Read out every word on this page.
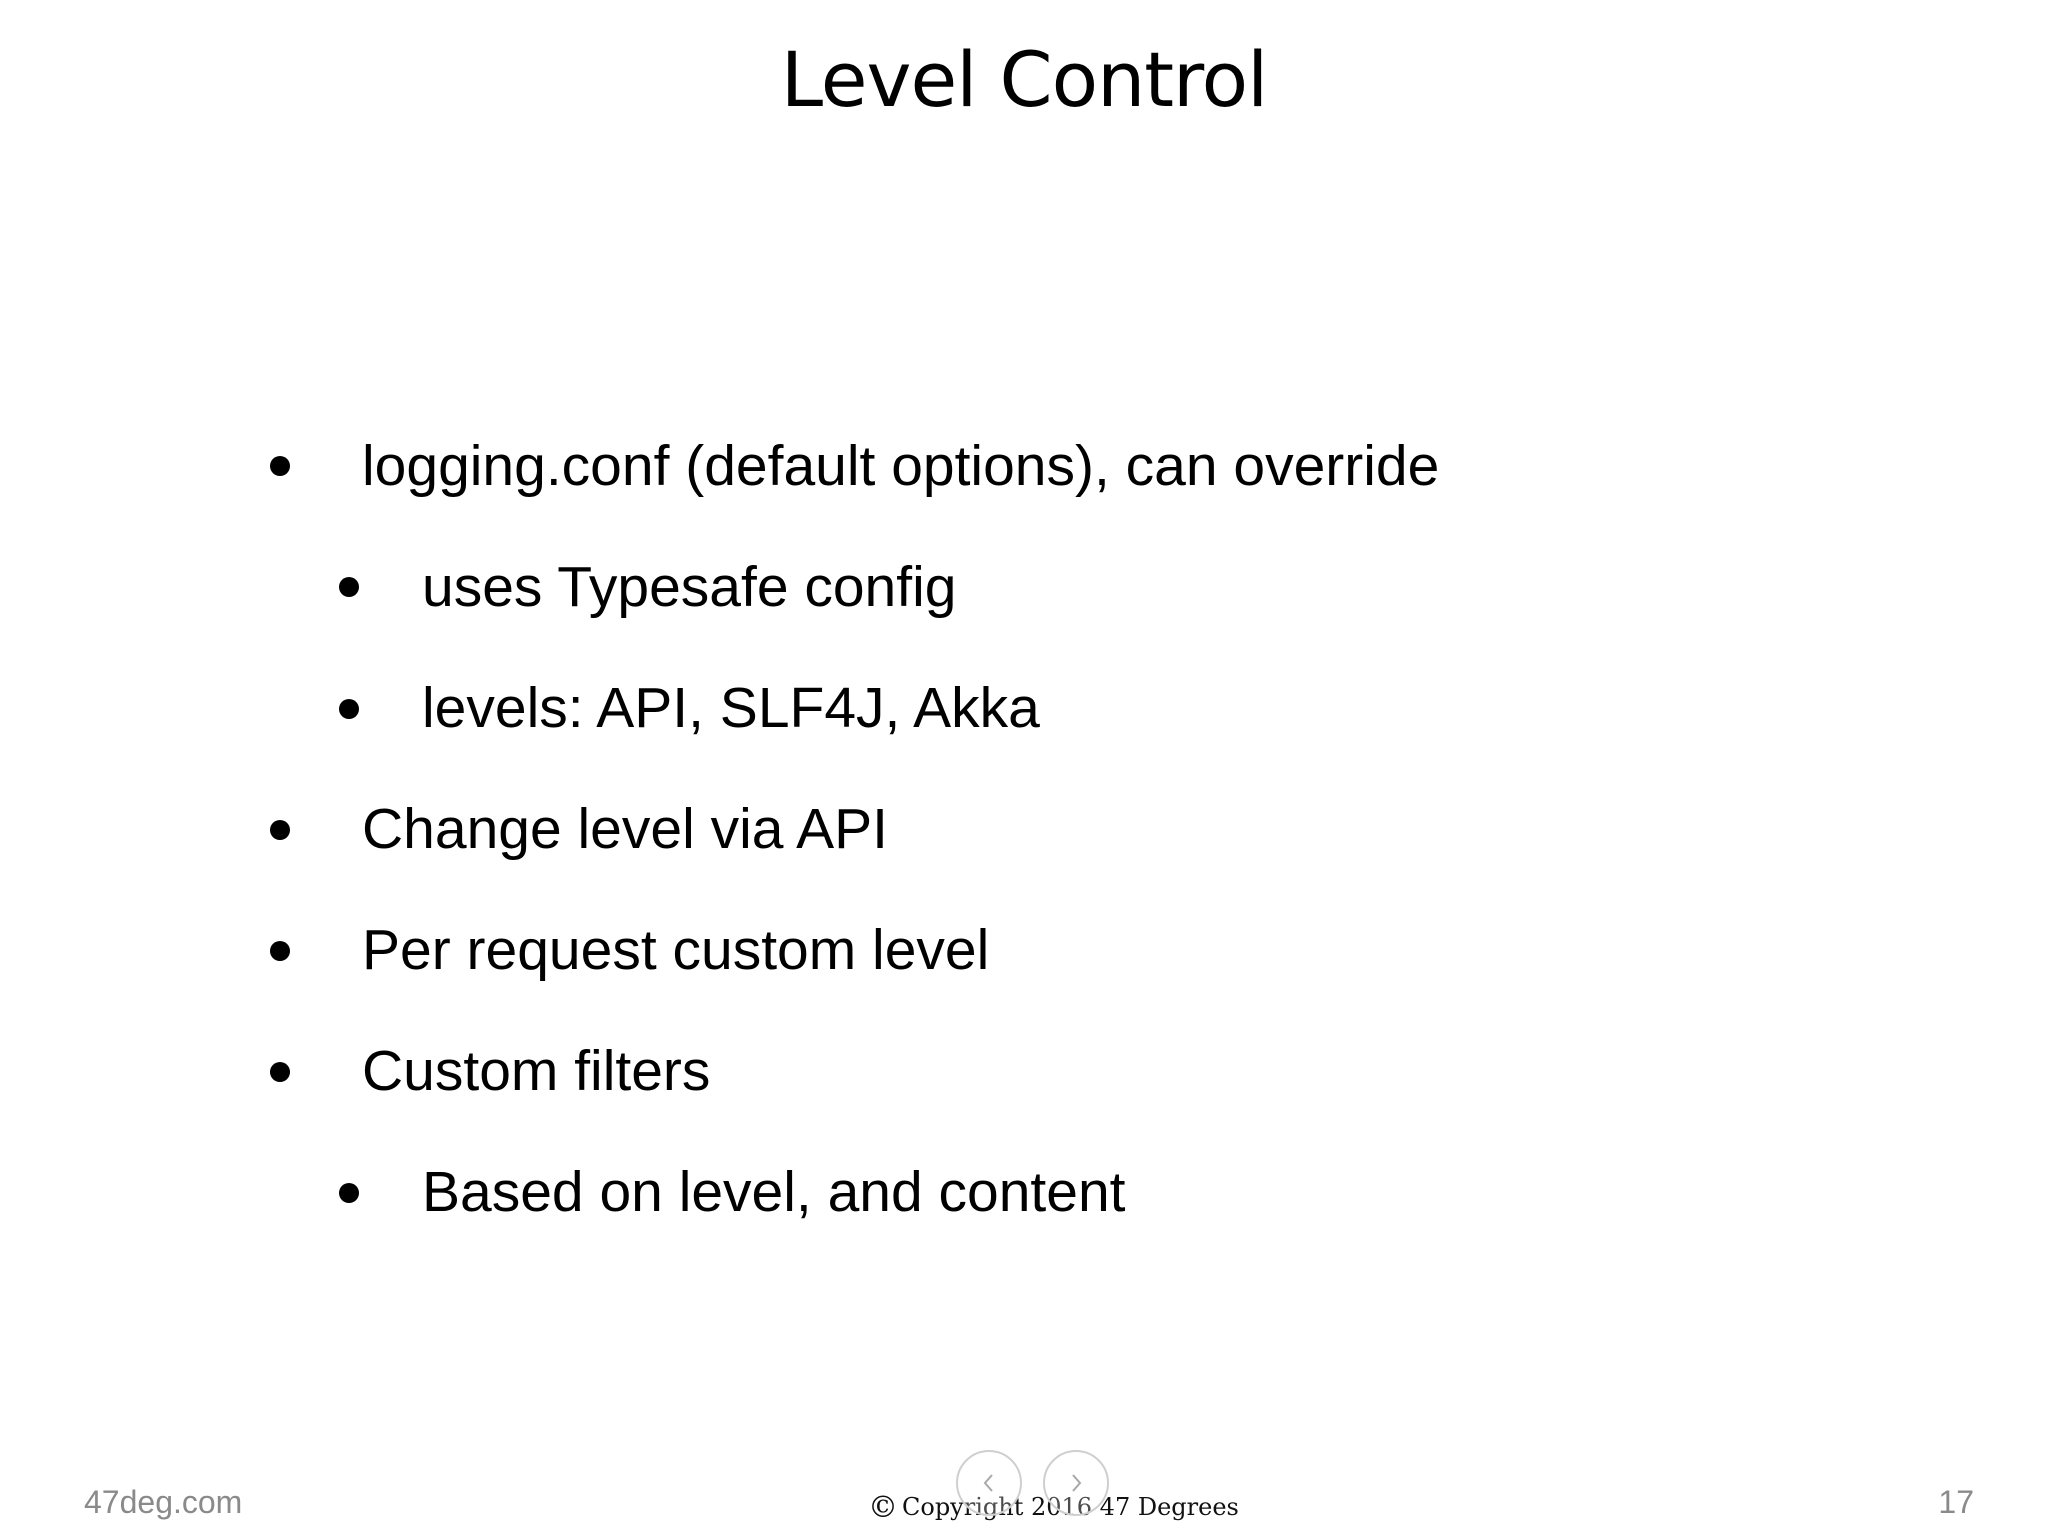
Level Control
logging.conf (default options), can override
uses Typesafe config
levels: API, SLF4J, Akka
Change level via API
Per request custom level
Custom filters
Based on level, and content
47deg.com	© Copyright 2016 47 Degrees	17
